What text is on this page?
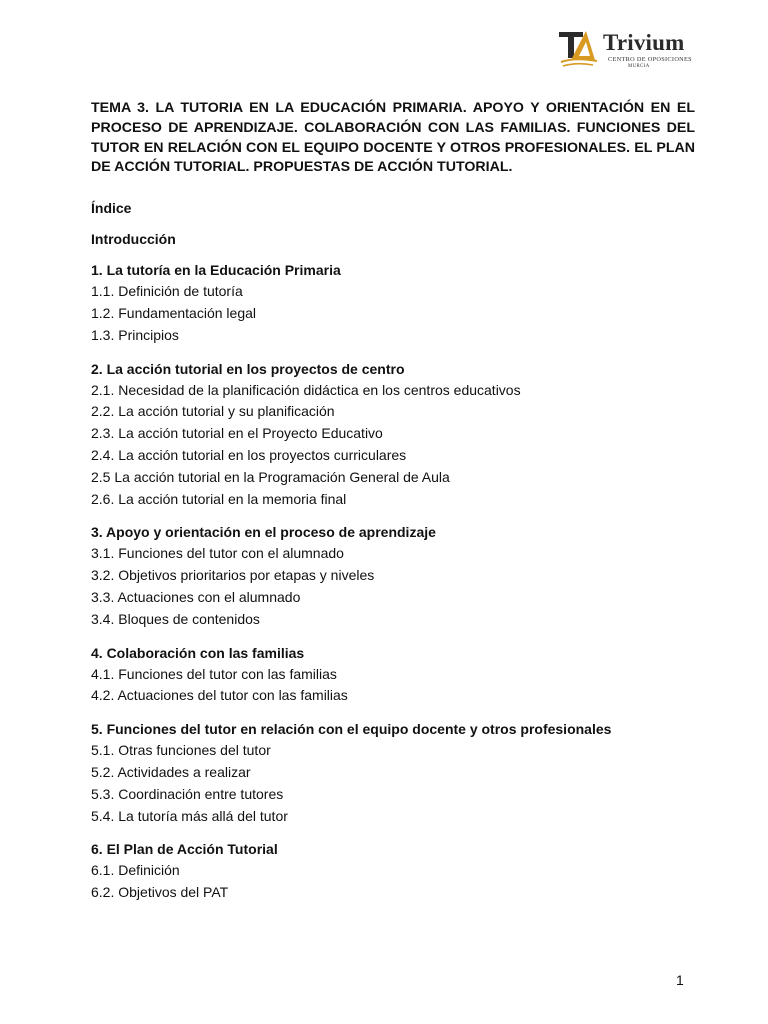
Trivium
CENTRO DE OPOSICIONES
MURCIA

TEMA 3. LA TUTORIA EN LA EDUCACIÓN PRIMARIA. APOYO Y ORIENTACIÓN EN EL PROCESO DE APRENDIZAJE. COLABORACIÓN CON LAS FAMILIAS. FUNCIONES DEL TUTOR EN RELACIÓN CON EL EQUIPO DOCENTE Y OTROS PROFESIONALES. EL PLAN DE ACCIÓN TUTORIAL. PROPUESTAS DE ACCIÓN TUTORIAL.

Índice

Introducción

1. La tutoría en la Educación Primaria

1.1. Definición de tutoría

1.2. Fundamentación legal

1.3. Principios

2. La acción tutorial en los proyectos de centro

2.1. Necesidad de la planificación didáctica en los centros educativos

2.2. La acción tutorial y su planificación

2.3. La acción tutorial en el Proyecto Educativo

2.4. La acción tutorial en los proyectos curriculares

2.5 La acción tutorial en la Programación General de Aula

2.6. La acción tutorial en la memoria final

3. Apoyo y orientación en el proceso de aprendizaje

3.1. Funciones del tutor con el alumnado

3.2. Objetivos prioritarios por etapas y niveles

3.3. Actuaciones con el alumnado

3.4. Bloques de contenidos

4. Colaboración con las familias

4.1. Funciones del tutor con las familias

4.2. Actuaciones del tutor con las familias

5. Funciones del tutor en relación con el equipo docente y otros profesionales

5.1. Otras funciones del tutor

5.2. Actividades a realizar

5.3. Coordinación entre tutores

5.4. La tutoría más allá del tutor

6. El Plan de Acción Tutorial

6.1. Definición

6.2. Objetivos del PAT

1
